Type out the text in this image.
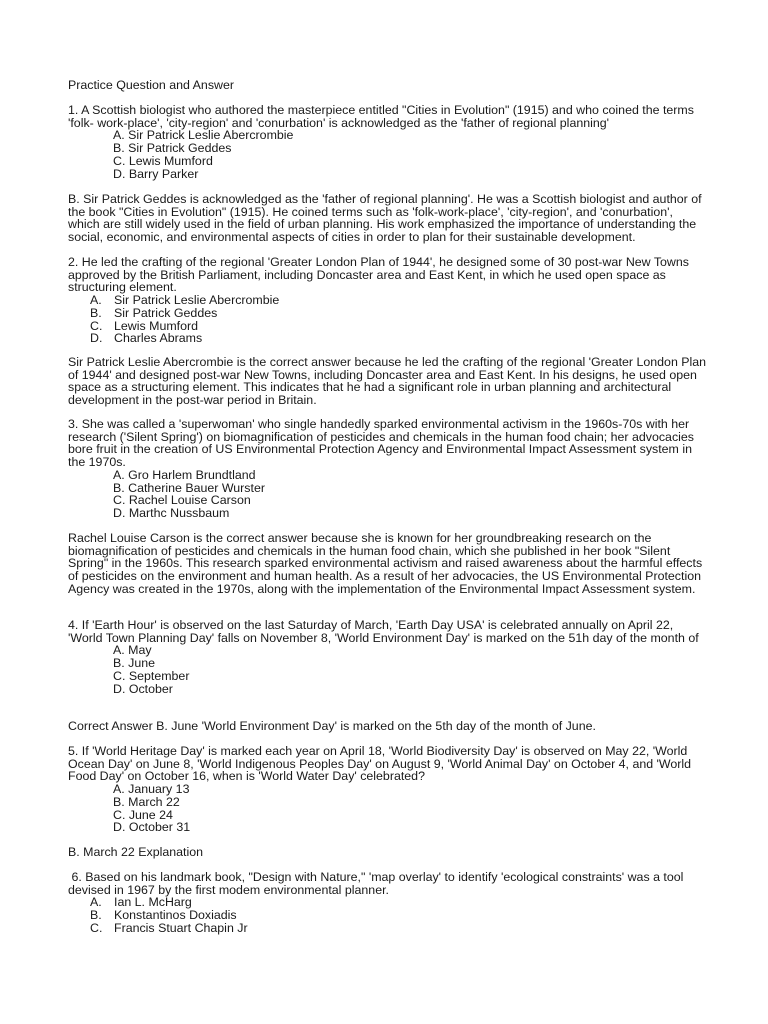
Practice Question and Answer

1. A Scottish biologist who authored the masterpiece entitled "Cities in Evolution" (1915) and who coined the terms 'folk- work-place', 'city-region' and 'conurbation' is acknowledged as the 'father of regional planning'

A. Sir Patrick Leslie Abercrombie
B. Sir Patrick Geddes
C. Lewis Mumford
D. Barry Parker

B. Sir Patrick Geddes is acknowledged as the 'father of regional planning'. He was a Scottish biologist and author of the book "Cities in Evolution" (1915). He coined terms such as 'folk-work-place', 'city-region', and 'conurbation', which are still widely used in the field of urban planning. His work emphasized the importance of understanding the social, economic, and environmental aspects of cities in order to plan for their sustainable development.

2. He led the crafting of the regional 'Greater London Plan of 1944', he designed some of 30 post-war New Towns approved by the British Parliament, including Doncaster area and East Kent, in which he used open space as structuring element.

A. Sir Patrick Leslie Abercrombie
B. Sir Patrick Geddes
C. Lewis Mumford
D. Charles Abrams

Sir Patrick Leslie Abercrombie is the correct answer because he led the crafting of the regional 'Greater London Plan of 1944' and designed post-war New Towns, including Doncaster area and East Kent. In his designs, he used open space as a structuring element. This indicates that he had a significant role in urban planning and architectural development in the post-war period in Britain.

3. She was called a 'superwoman' who single handedly sparked environmental activism in the 1960s-70s with her research ('Silent Spring') on biomagnification of pesticides and chemicals in the human food chain; her advocacies bore fruit in the creation of US Environmental Protection Agency and Environmental Impact Assessment system in the 1970s.

A. Gro Harlem Brundtland
B. Catherine Bauer Wurster
C. Rachel Louise Carson
D. Marthc Nussbaum

Rachel Louise Carson is the correct answer because she is known for her groundbreaking research on the biomagnification of pesticides and chemicals in the human food chain, which she published in her book "Silent Spring" in the 1960s. This research sparked environmental activism and raised awareness about the harmful effects of pesticides on the environment and human health. As a result of her advocacies, the US Environmental Protection Agency was created in the 1970s, along with the implementation of the Environmental Impact Assessment system.

4. If 'Earth Hour' is observed on the last Saturday of March, 'Earth Day USA' is celebrated annually on April 22, 'World Town Planning Day' falls on November 8, 'World Environment Day' is marked on the 51h day of the month of

A. May
B. June
C. September
D. October

Correct Answer B. June 'World Environment Day' is marked on the 5th day of the month of June.

5. If 'World Heritage Day' is marked each year on April 18, 'World Biodiversity Day' is observed on May 22, 'World Ocean Day' on June 8, 'World Indigenous Peoples Day' on August 9, 'World Animal Day' on October 4, and 'World Food Day' on October 16, when is 'World Water Day' celebrated?

A. January 13
B. March 22
C. June 24
D. October 31

B. March 22 Explanation

6. Based on his landmark book, "Design with Nature," 'map overlay' to identify 'ecological constraints' was a tool devised in 1967 by the first modem environmental planner.

A. Ian L. McHarg
B. Konstantinos Doxiadis
C. Francis Stuart Chapin Jr
